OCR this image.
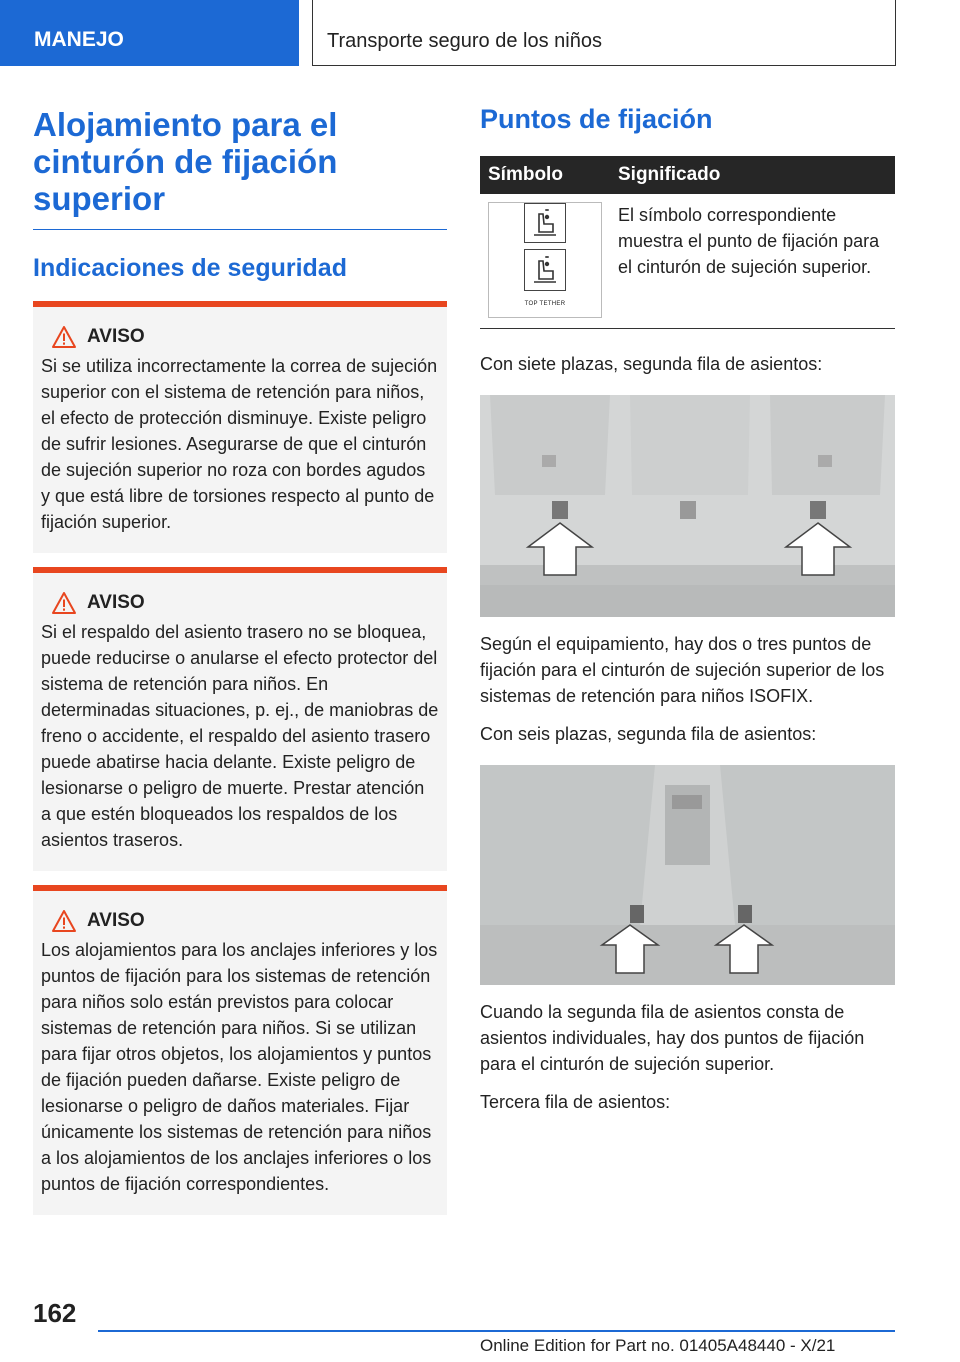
MANEJO	Transporte seguro de los niños
Alojamiento para el cinturón de fijación superior
Indicaciones de seguridad
AVISO
Si se utiliza incorrectamente la correa de sujeción superior con el sistema de retención para niños, el efecto de protección disminuye. Existe peligro de sufrir lesiones. Asegurarse de que el cinturón de sujeción superior no roza con bordes agudos y que está libre de torsiones respecto al punto de fijación superior.
AVISO
Si el respaldo del asiento trasero no se bloquea, puede reducirse o anularse el efecto protector del sistema de retención para niños. En determinadas situaciones, p. ej., de maniobras de freno o accidente, el respaldo del asiento trasero puede abatirse hacia delante. Existe peligro de lesionarse o peligro de muerte. Prestar atención a que estén bloqueados los respaldos de los asientos traseros.
AVISO
Los alojamientos para los anclajes inferiores y los puntos de fijación para los sistemas de retención para niños solo están previstos para colocar sistemas de retención para niños. Si se utilizan para fijar otros objetos, los alojamientos y puntos de fijación pueden dañarse. Existe peligro de lesionarse o peligro de daños materiales. Fijar únicamente los sistemas de retención para niños a los alojamientos de los anclajes inferiores o los puntos de fijación correspondientes.
Puntos de fijación
Símbolo	Significado

TOP TETHER	El símbolo correspondiente muestra el punto de fijación para el cinturón de sujeción superior.

Con siete plazas, segunda fila de asientos:

Según el equipamiento, hay dos o tres puntos de fijación para el cinturón de sujeción superior de los sistemas de retención para niños ISOFIX.

Con seis plazas, segunda fila de asientos:

Cuando la segunda fila de asientos consta de asientos individuales, hay dos puntos de fijación para el cinturón de sujeción superior.

Tercera fila de asientos:

162
Online Edition for Part no. 01405A48440 - X/21
